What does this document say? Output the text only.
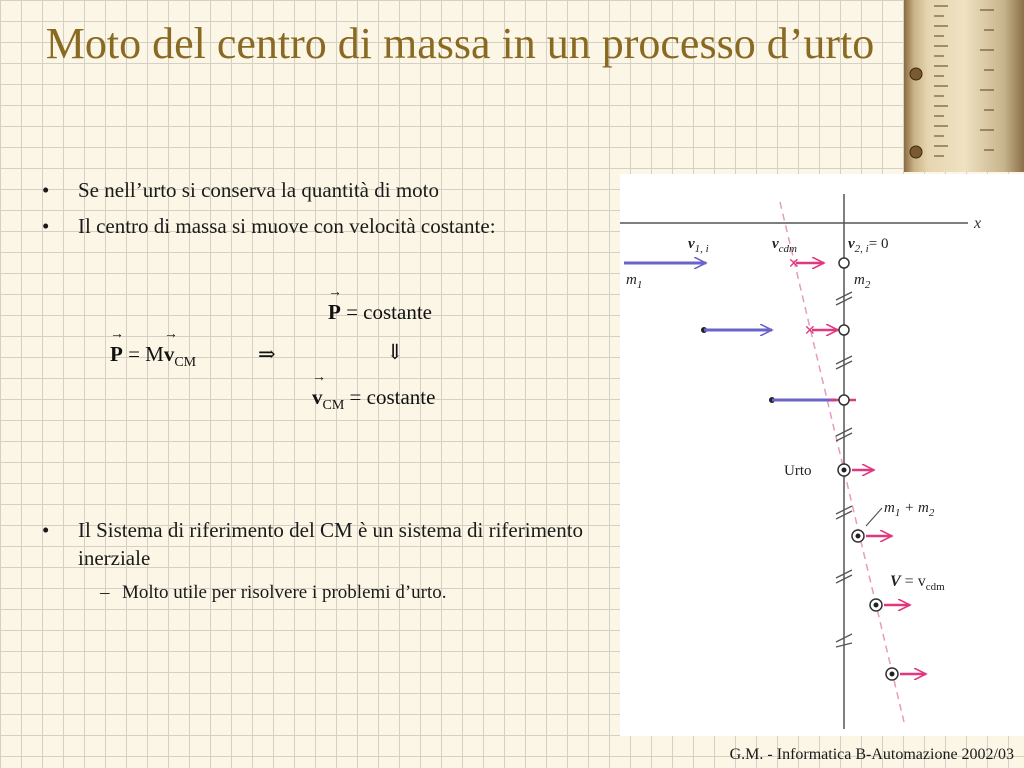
Moto del centro di massa in un processo d’urto
• Se nell’urto si conserva la quantità di moto
• Il centro di massa si muove con velocità costante:
→ P = costante
→ $P = M\to v_{CM}$	⇒	⇓
→ $v_{CM}$ = costante
• Il Sistema di riferimento del CM è un sistema di riferimento inerziale
– Molto utile per risolvere i problemi d’urto.
x
$v_{1, i}$	$v_{cdm}$	$v_{2, i}= 0$
$m_1$	$m_2$
✕
✕
Urto
$m_1 + m_2$
$V = v_{cdm}$
G.M. - Informatica B-Automazione 2002/03
